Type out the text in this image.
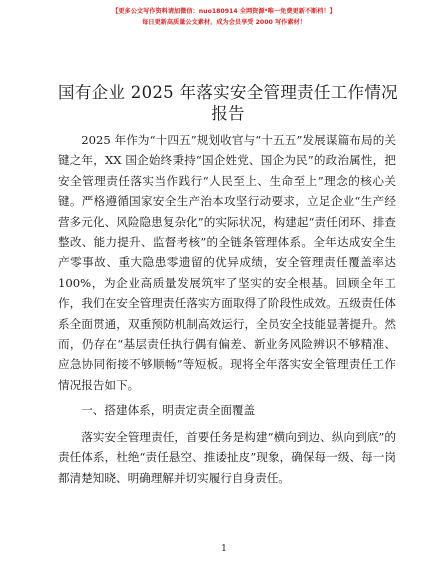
【更多公文写作资料请加微信：nuo180914 全网资源*唯一免费更新不断档！】
每日更新高质量公文素材，成为会员享受 2000 写作素材！
国有企业 2025 年落实安全管理责任工作情况报告

2025 年作为“十四五”规划收官与“十五五”发展谋篇布局的关键之年，XX 国企始终秉持“国企姓党、国企为民”的政治属性，把安全管理责任落实当作践行“人民至上、生命至上”理念的核心关键。严格遵循国家安全生产治本攻坚行动要求，立足企业“生产经营多元化、风险隐患复杂化”的实际状况，构建起“责任闭环、排查整改、能力提升、监督考核”的全链条管理体系。全年达成安全生产零事故、重大隐患零遗留的优异成绩，安全管理责任覆盖率达 100%，为企业高质量发展筑牢了坚实的安全根基。回顾全年工作，我们在安全管理责任落实方面取得了阶段性成效。五级责任体系全面贯通，双重预防机制高效运行，全员安全技能显著提升。然而，仍存在“基层责任执行偶有偏差、新业务风险辨识不够精准、应急协同衔接不够顺畅”等短板。现将全年落实安全管理责任工作情况报告如下。

一、搭建体系，明责定责全面覆盖

落实安全管理责任，首要任务是构建“横向到边、纵向到底”的责任体系，杜绝“责任悬空、推诿扯皮”现象，确保每一级、每一岗都清楚知晓、明确理解并切实履行自身责任。

1
